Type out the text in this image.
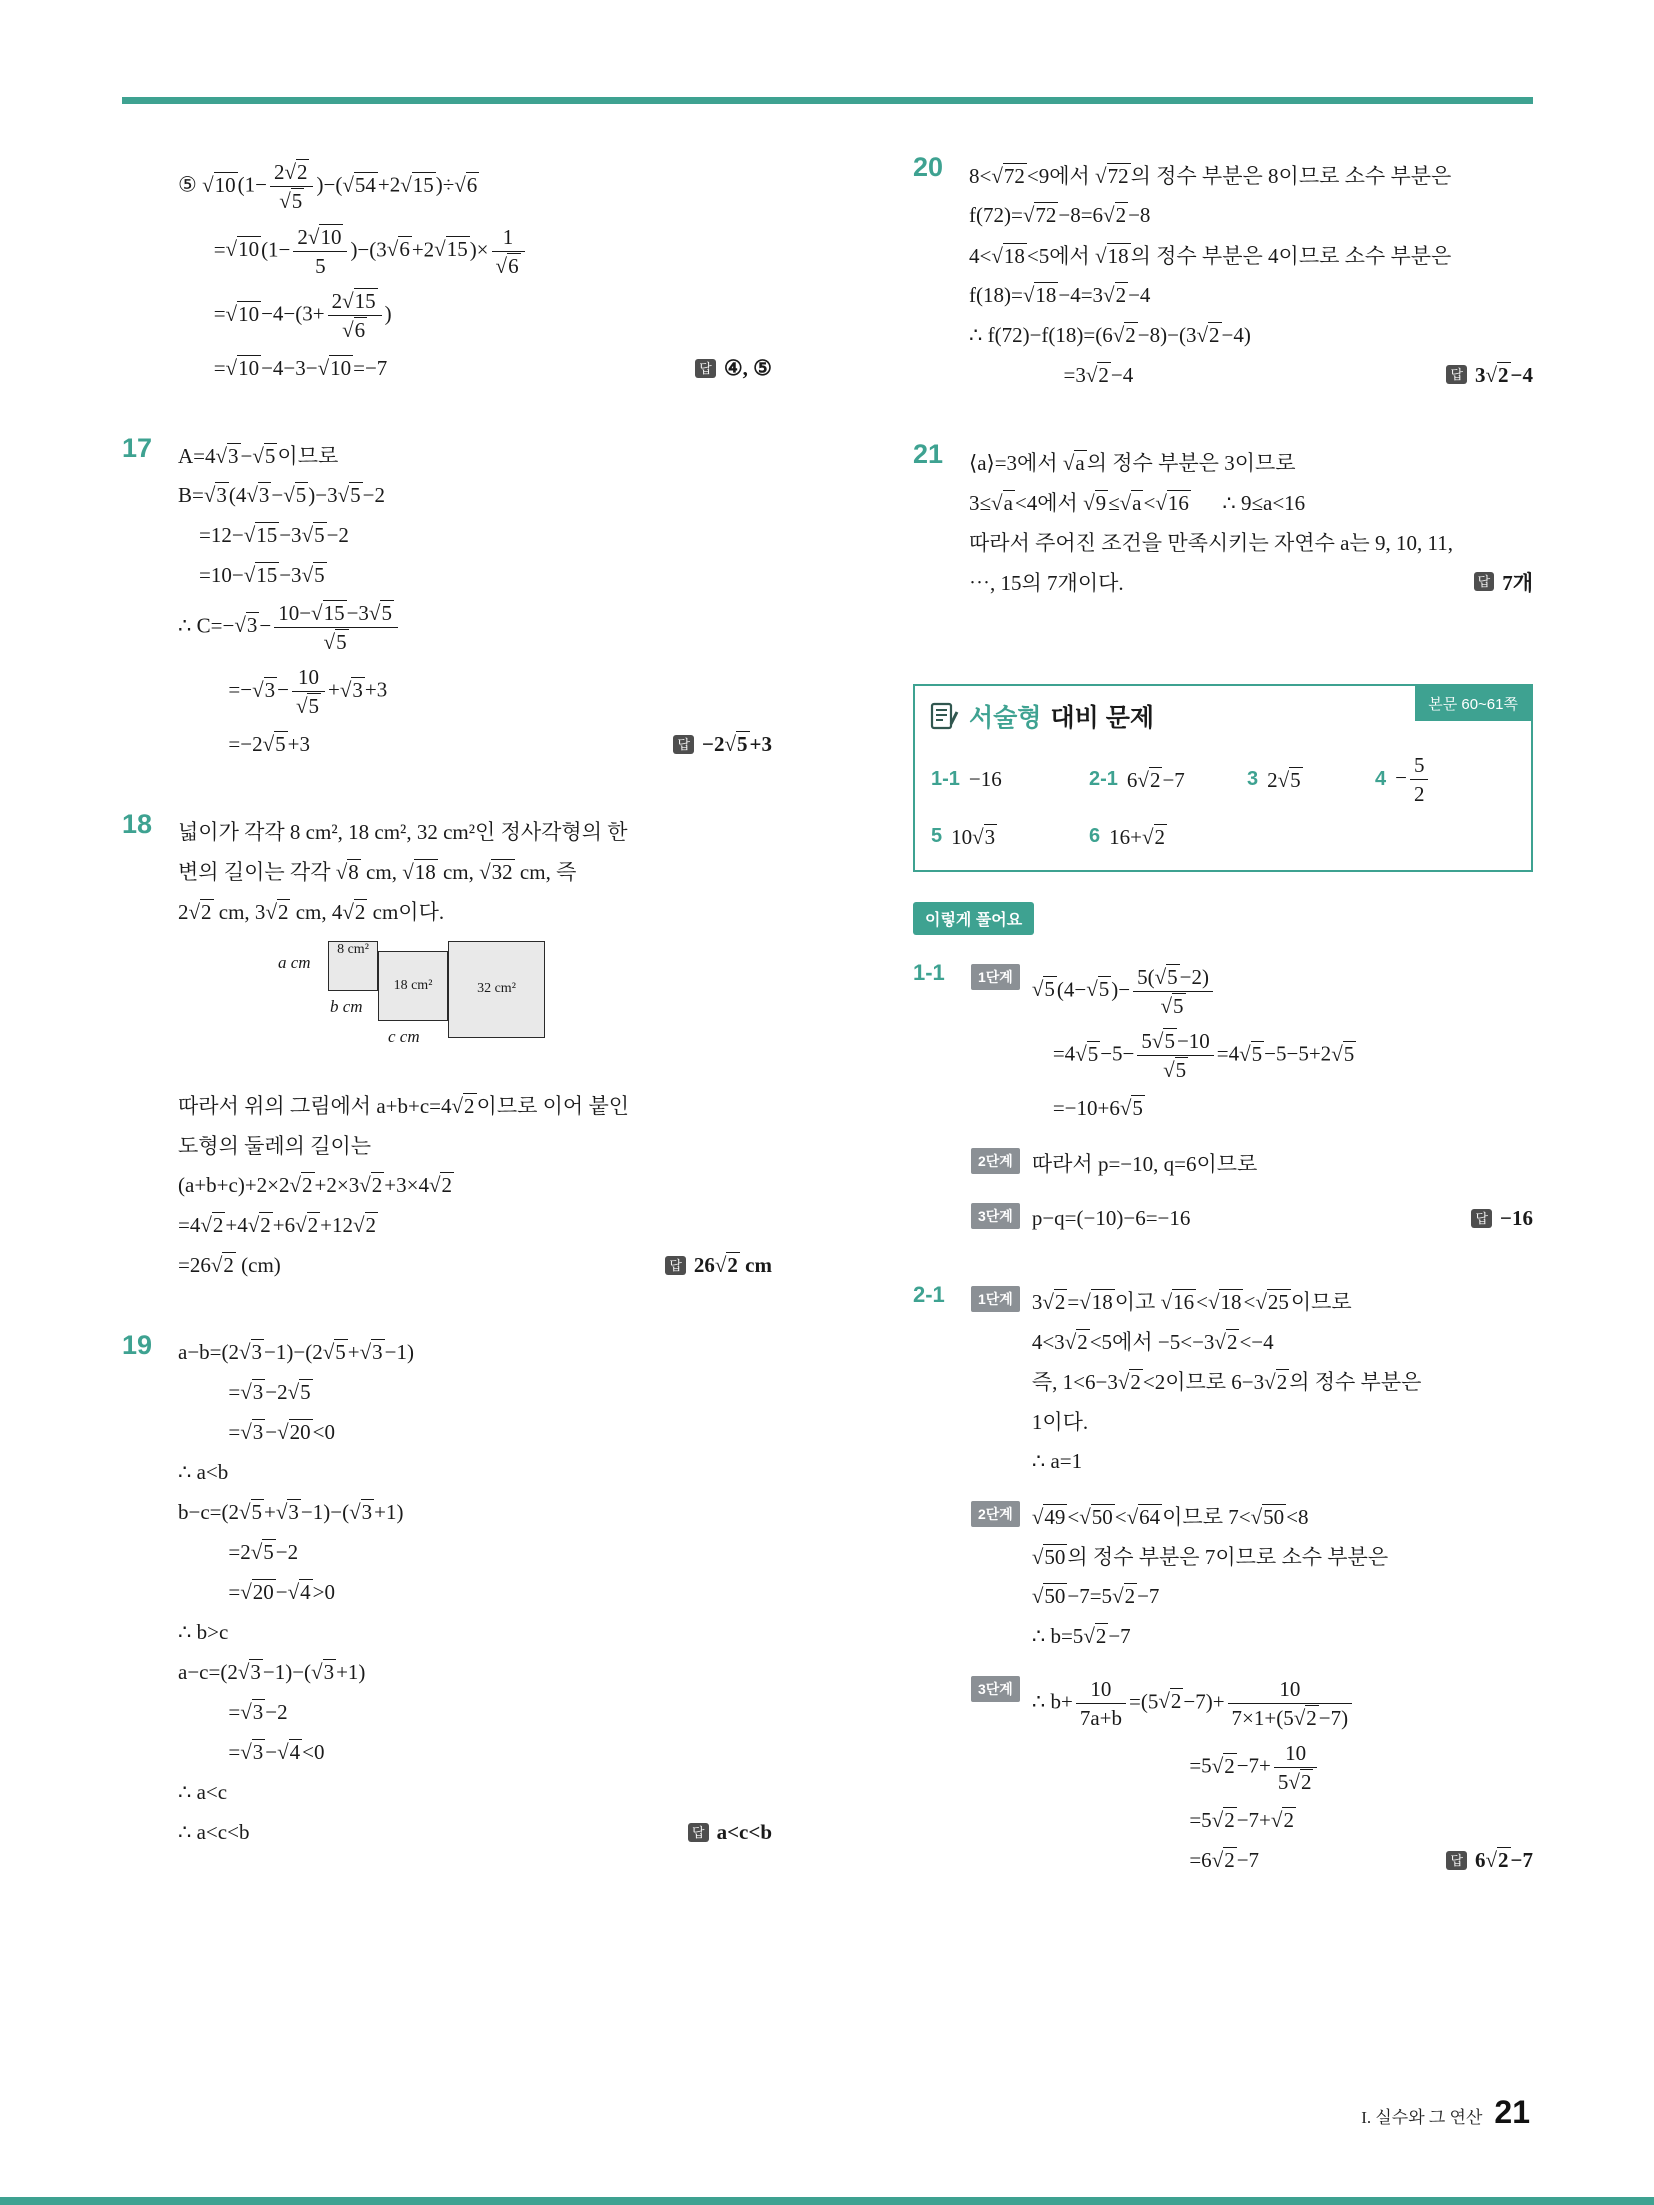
⑤ √ 10(1− 2 √ 2
√ 5 )−( √ 54+2 √ 15)÷ √ 6
= √ $10(1- \frac{2 √ 10}{5} )-(3$ √ 6+2 √ 15)× 1
√ 6
= √ 10−4−(3+ 2 √ 15
√ 6 )
= √ 10−4−3− √ 10=−7	답 ④, ⑤
17	A=4 √ 3− √ 5이므로
B= √ 3(4 √ 3− √ 5)−3 √ 5−2
=12− √ 15−3 √ 5−2
=10− √ 15−3 √ 5
∴ C=− √ 3− 10− √ 15−3 √ 5
√ 5
=− √ 3− 10
√ 5 + √ 3+3
=−2 √ 5+3	답 −2 √ 5+3
18	넓이가 각각 8 cm², 18 cm², 32 cm²인 정사각형의 한
변의 길이는 각각 √ 8 cm, √ 18 cm, √ 32 cm, 즉
2 √ 2 cm, 3 √ 2 cm, 4 √ 2 cm이다.
8 cm²
18 cm²	32 cm²
a cm
b cm
c cm
따라서 위의 그림에서 a+b+c=4 √ 2이므로 이어 붙인
도형의 둘레의 길이는
(a+b+c)+2×2 √ 2+2×3 √ 2+3×4 √ 2
=4 √ 2+4 √ 2+6 √ 2+12 √ 2
=26 √ 2 (cm)	답 26 √ 2 cm
19	a−b=(2 √ 3−1)−(2 √ 5+ √ 3−1)
= √ 3−2 √ 5
= √ 3− √ 20<0
∴ a<b
b−c=(2 √ 5+ √ 3−1)−( √ 3+1)
=2 √ 5−2
= √ 20− √ 4>0
∴ b>c
a−c=(2 √ 3−1)−( √ 3+1)
= √ 3−2
= √ 3− √ 4<0
∴ a<c
∴ a<c<b	답 a<c<b
20	8< √ 72<9에서 √ 72의 정수 부분은 8이므로 소수 부분은
f(72)= √ 72−8=6 √ 2−8
4< √ 18<5에서 √ 18의 정수 부분은 4이므로 소수 부분은
f(18)= √ 18−4=3 √ 2−4
∴ f(72)−f(18)=(6 √ 2−8)−(3 √ 2−4)
=3 √ 2−4	답 3 √ 2−4
21	⟨a⟩=3에서 √ a의 정수 부분은 3이므로
3≤ √ a<4에서 √ 9≤ √ a< √ 16  ∴ 9≤a<16
따라서 주어진 조건을 만족시키는 자연수 a는 9, 10, 11,
⋯, 15의 7개이다.	답 7개
서술형 대비 문제	본문 60~61쪽
1-1 −16	2-1 6 √ 2−7	3 2 √ 5	$4 - \frac{5}{2}$
5 10 √ 3	6 16+ √ 2
이렇게 풀어요
1-1	1단계
√ 5(4− √ 5)− 5( √ 5−2)
√ 5
=4 √ 5−5− 5 √ 5−10
√ 5 =4 √ 5−5−5+2 √ 5
=−10+6 √ 5
2단계 따라서 p=−10, q=6이므로
3단계 p−q=(−10)−6=−16	답 −16
2-1	1단계 3 √ 2= √ 18이고 √ 16< √ 18< √ 25이므로
4<3 √ 2<5에서 −5<−3 √ 2<−4
즉, 1<6−3 √ 2<2이므로 6−3 √ 2의 정수 부분은
1이다.
∴ a=1
2단계	√ 49< √ 50< √ 64이므로 7< √ 50<8
√ 50의 정수 부분은 7이므로 소수 부분은
√ 50−7=5 √ 2−7
∴ b=5 √ 2−7
3단계
∴ $b+ \frac{10}{7a+b} =(5$ √ $2-7)+ \frac{10}{7\times 1+(5 √ 2-7)}$
=5 √ $2-7+ \frac{10}{5 √ 2}$
=5 √ 2−7+ √ 2
=6 √ 2−7	답 6 √ 2−7
I. 실수와 그 연산 21
